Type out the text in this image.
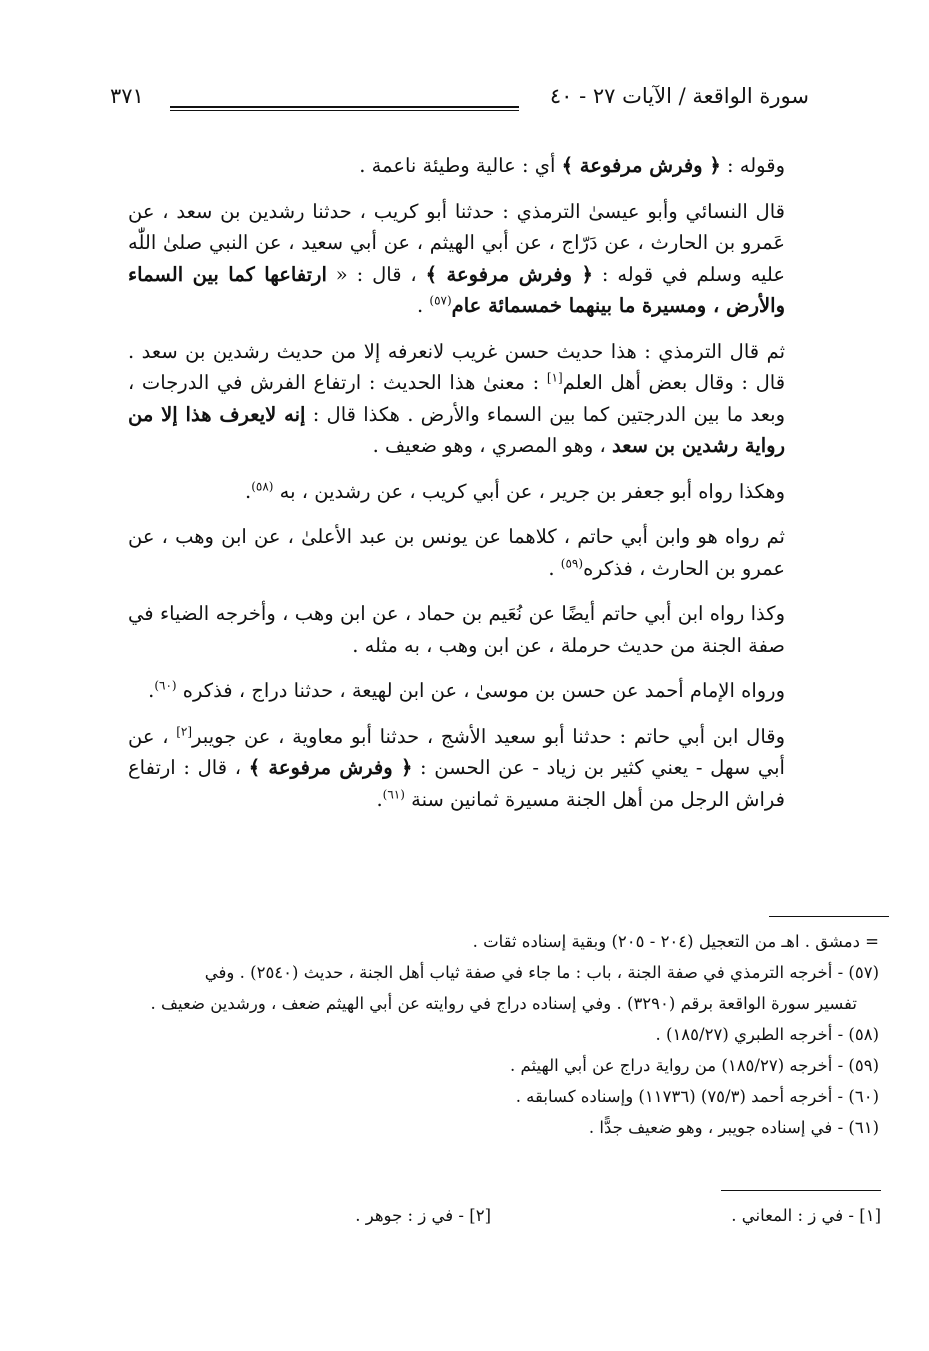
سورة الواقعة / الآيات ٢٧ - ٤٠
٣٧١

وقوله : ﴿ وفرش مرفوعة ﴾ أي : عالية وطيئة ناعمة .

قال النسائي وأبو عيسىٰ الترمذي : حدثنا أبو كريب ، حدثنا رشدين بن سعد ، عن عَمرو بن الحارث ، عن دَرّاج ، عن أبي الهيثم ، عن أبي سعيد ، عن النبي صلىٰ اللّٰه عليه وسلم في قوله : ﴿ وفرش مرفوعة ﴾ ، قال : « ارتفاعها كما بين السماء والأرض ، ومسيرة ما بينهما خمسمائة عام$^{(٥٧)}$ .

ثم قال الترمذي : هذا حديث حسن غريب لانعرفه إلا من حديث رشدين بن سعد . قال : وقال بعض أهل العلم[١] : معنىٰ هذا الحديث : ارتفاع الفرش في الدرجات ، وبعد ما بين الدرجتين كما بين السماء والأرض . هكذا قال : إنه لايعرف هذا إلا من رواية رشدين بن سعد ، وهو المصري ، وهو ضعيف .

وهكذا رواه أبو جعفر بن جرير ، عن أبي كريب ، عن رشدين ، به $^{(٥٨)}$.

ثم رواه هو وابن أبي حاتم ، كلاهما عن يونس بن عبد الأعلىٰ ، عن ابن وهب ، عن عمرو بن الحارث ، فذكره$^{(٥٩)}$ .

وكذا رواه ابن أبي حاتم أيضًا عن نُعَيم بن حماد ، عن ابن وهب ، وأخرجه الضياء في صفة الجنة من حديث حرملة ، عن ابن وهب ، به مثله .

ورواه الإمام أحمد عن حسن بن موسىٰ ، عن ابن لهيعة ، حدثنا دراج ، فذكره $^{(٦٠)}$.

وقال ابن أبي حاتم : حدثنا أبو سعيد الأشج ، حدثنا أبو معاوية ، عن جويبر[٢] ، عن أبي سهل - يعني كثير بن زياد - عن الحسن : ﴿ وفرش مرفوعة ﴾ ، قال : ارتفاع فراش الرجل من أهل الجنة مسيرة ثمانين سنة $^{(٦١)}$.

= دمشق . اهـ من التعجيل (٢٠٤ - ٢٠٥) وبقية إسناده ثقات .
(٥٧) - أخرجه الترمذي في صفة الجنة ، باب : ما جاء في صفة ثياب أهل الجنة ، حديث (٢٥٤٠) . وفي
تفسير سورة الواقعة برقم (٣٢٩٠) . وفي إسناده دراج في روايته عن أبي الهيثم ضعف ، ورشدين ضعيف .
(٥٨) - أخرجه الطبري (١٨٥/٢٧) .
(٥٩) - أخرجه (١٨٥/٢٧) من رواية دراج عن أبي الهيثم .
(٦٠) - أخرجه أحمد (٧٥/٣) (١١٧٣٦) وإسناده كسابقه .
(٦١) - في إسناده جويبر ، وهو ضعيف جدًّا .
[١] - في ز : المعاني .
[٢] - في ز : جوهر .
